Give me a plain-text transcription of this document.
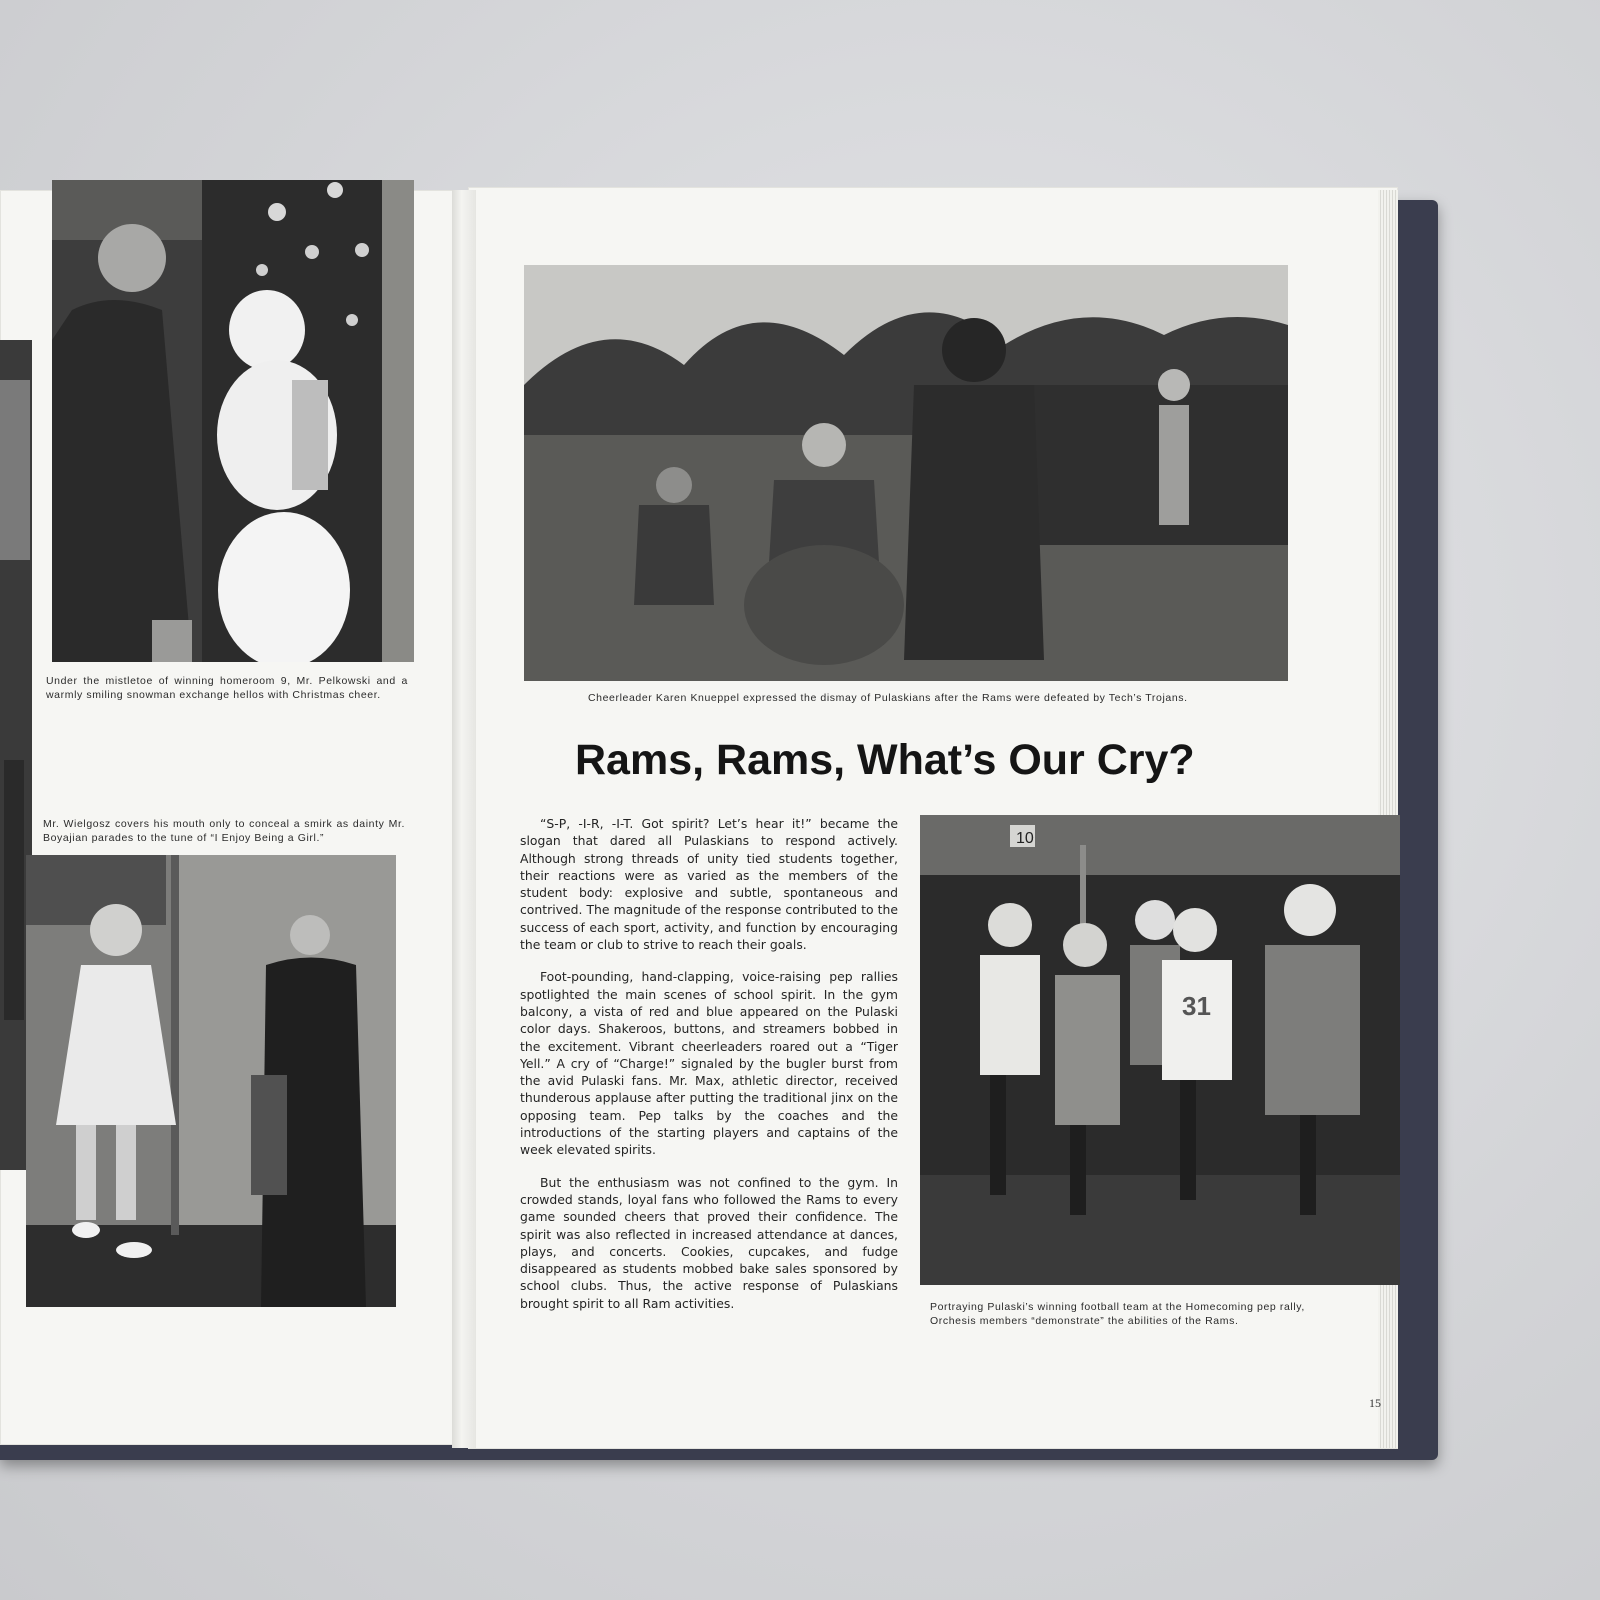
Under the mistletoe of winning homeroom 9, Mr. Pelkowski and a warmly smiling snowman exchange hellos with Christmas cheer.

Mr. Wielgosz covers his mouth only to conceal a smirk as dainty Mr. Boyajian parades to the tune of “I Enjoy Being a Girl.”

Cheerleader Karen Knueppel expressed the dismay of Pulaskians after the Rams were defeated by Tech’s Trojans.

Rams, Rams, What’s Our Cry?

“S-P, -I-R, -I-T. Got spirit? Let’s hear it!” became the slogan that dared all Pulaskians to respond actively. Although strong threads of unity tied students together, their reactions were as varied as the members of the student body: explosive and subtle, spontaneous and contrived. The magnitude of the response contributed to the success of each sport, activity, and function by encouraging the team or club to strive to reach their goals.

Foot-pounding, hand-clapping, voice-raising pep rallies spotlighted the main scenes of school spirit. In the gym balcony, a vista of red and blue appeared on the Pulaski color days. Shakeroos, buttons, and streamers bobbed in the excitement. Vibrant cheerleaders roared out a “Tiger Yell.” A cry of “Charge!” signaled by the bugler burst from the avid Pulaski fans. Mr. Max, athletic director, received thunderous applause after putting the traditional jinx on the opposing team. Pep talks by the coaches and the introductions of the starting players and captains of the week elevated spirits.

But the enthusiasm was not confined to the gym. In crowded stands, loyal fans who followed the Rams to every game sounded cheers that proved their confidence. The spirit was also reflected in increased attendance at dances, plays, and concerts. Cookies, cupcakes, and fudge disappeared as students mobbed bake sales sponsored by school clubs. Thus, the active response of Pulaskians brought spirit to all Ram activities.

10
31

Portraying Pulaski’s winning football team at the Homecoming pep rally, Orchesis members “demonstrate” the abilities of the Rams.

15
